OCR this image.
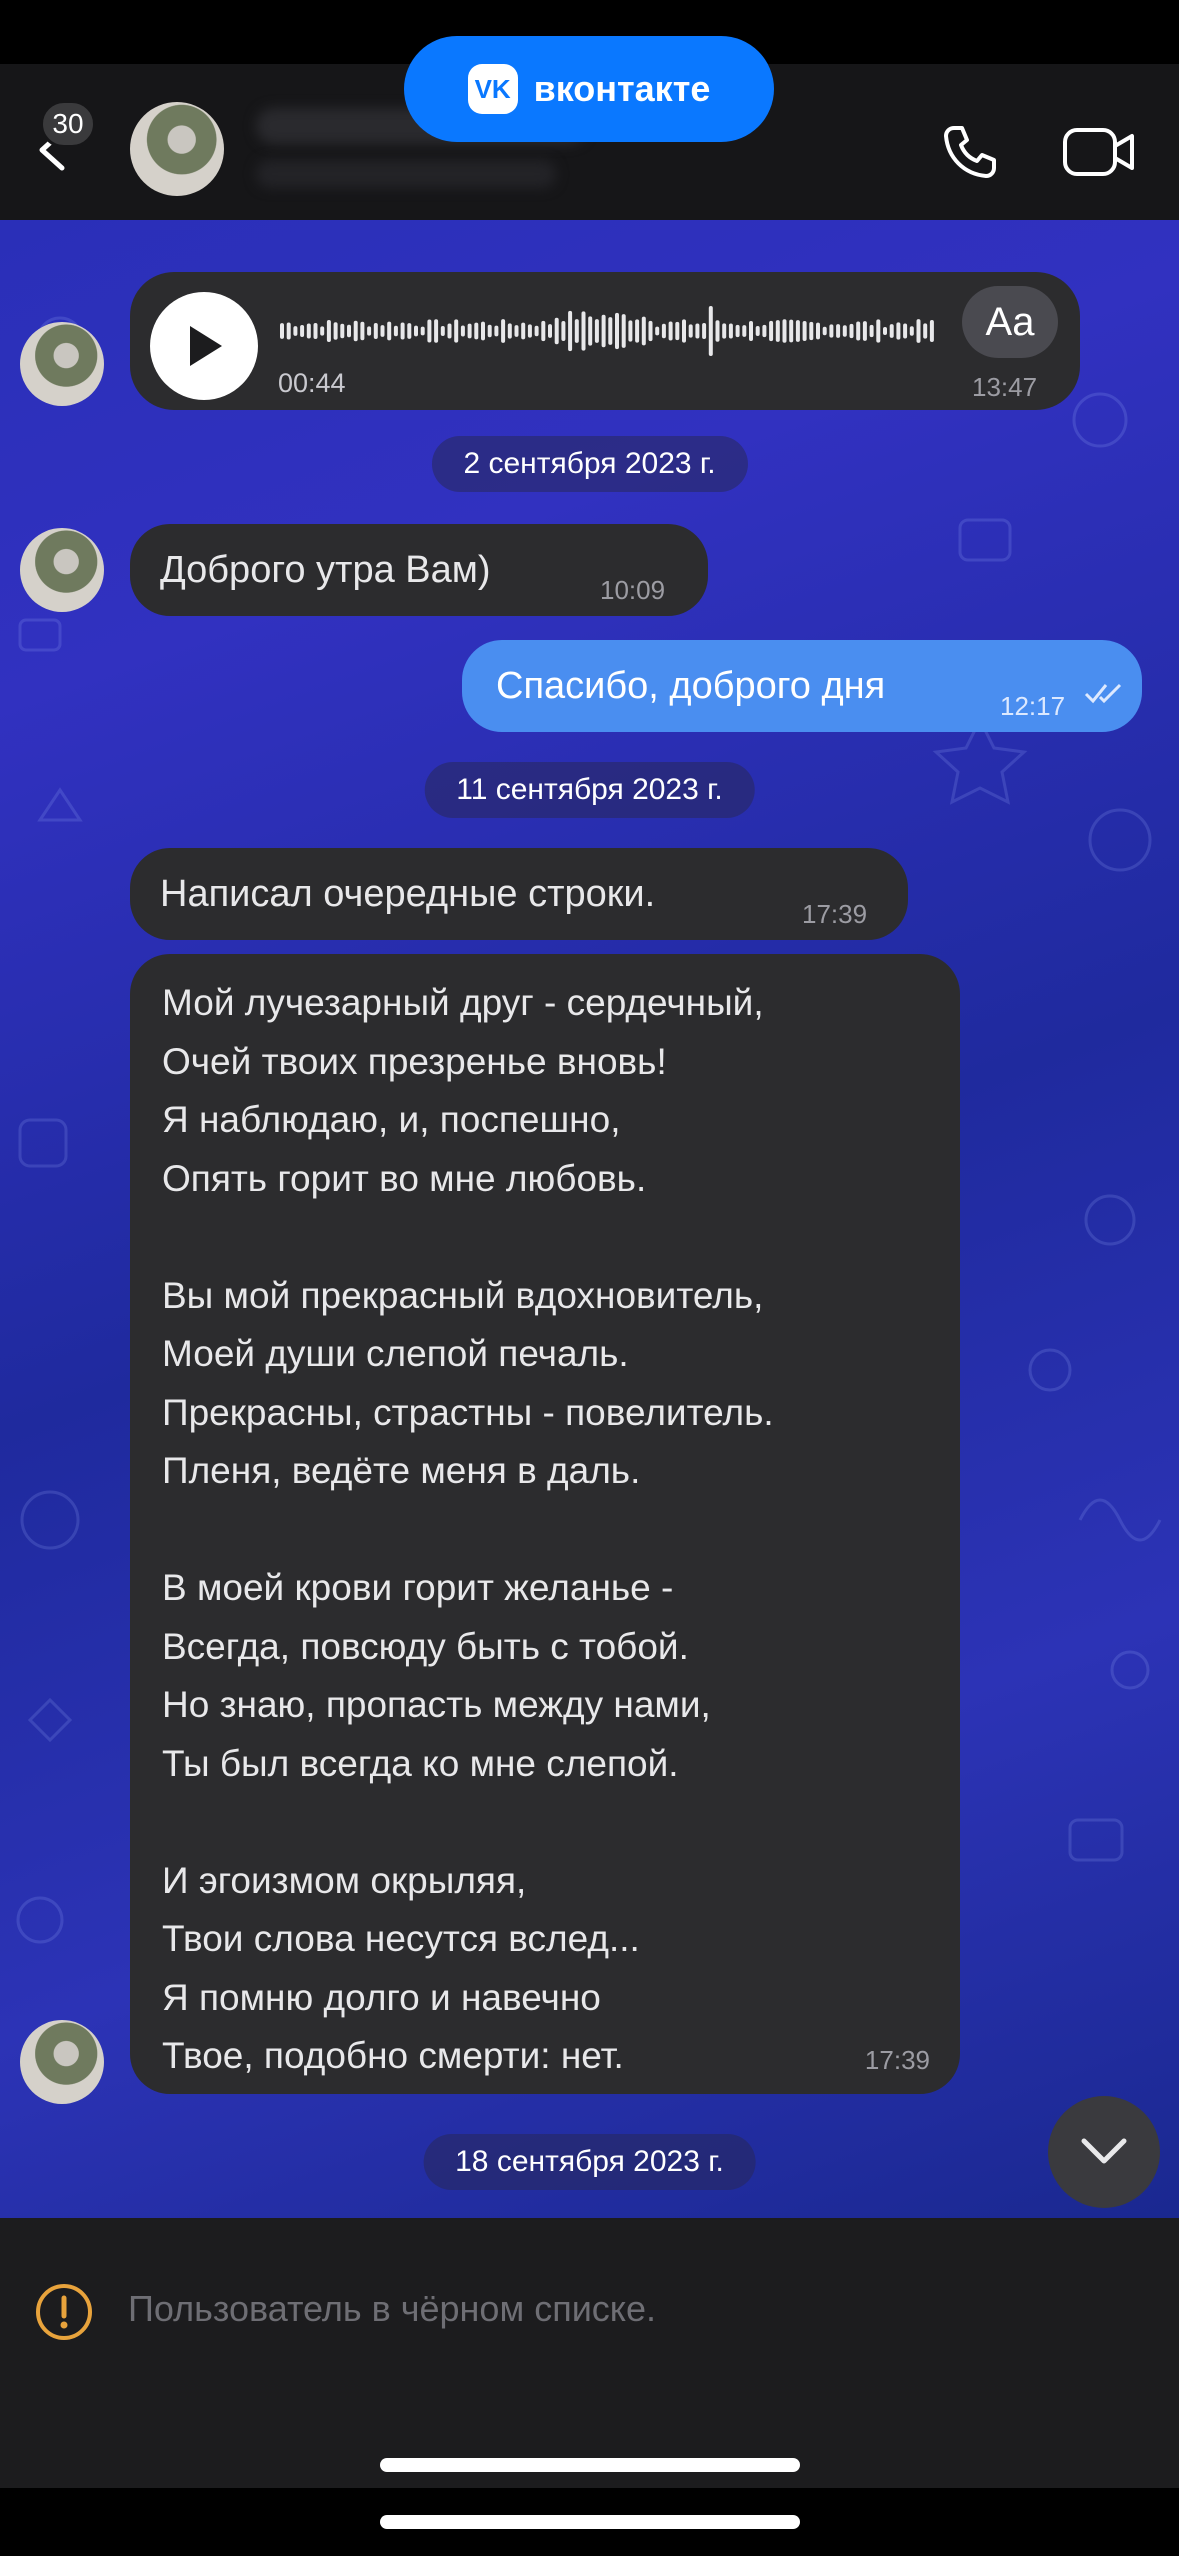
VK вконтакте
30
Aa
00:44	13:47
2 сентября 2023 г.
Доброго утра Вам)	10:09
Спасибо, доброго дня	12:17
11 сентября 2023 г.
Написал очередные строки.	17:39
Мой лучезарный друг - сердечный,
Очей твоих презренье вновь!
Я наблюдаю, и, поспешно,
Опять горит во мне любовь.

Вы мой прекрасный вдохновитель,
Моей души слепой печаль.
Прекрасны, страстны - повелитель.
Пленя, ведёте меня в даль.

В моей крови горит желанье -
Всегда, повсюду быть с тобой.
Но знаю, пропасть между нами,
Ты был всегда ко мне слепой.

И эгоизмом окрыляя,
Твои слова несутся вслед...
Я помню долго и навечно
Твое, подобно смерти: нет.	17:39
18 сентября 2023 г.
Пользователь в чёрном списке.
